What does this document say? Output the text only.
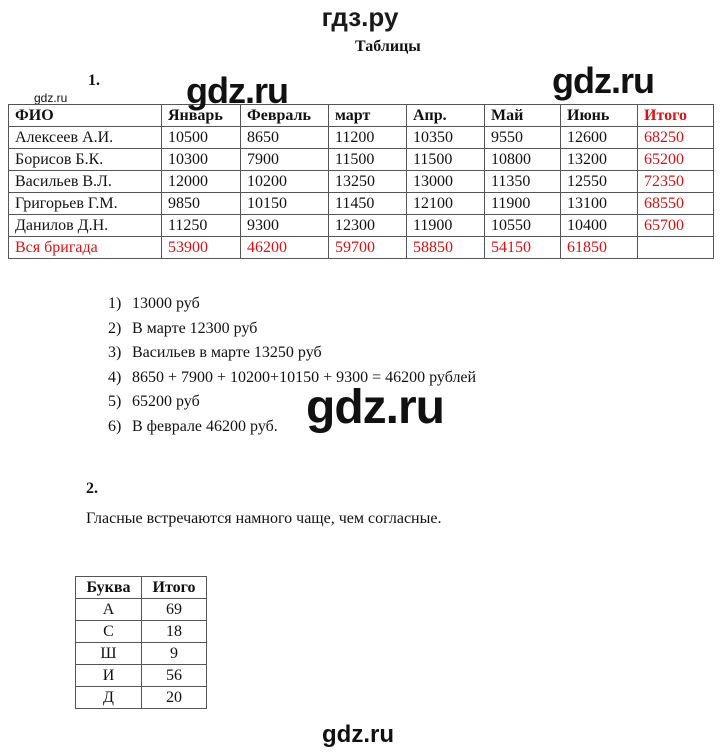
гдз.ру
Таблицы
1.
gdz.ru
ФИО	Январь	Февраль	март	Апр.	Май	Июнь	Итого
Алексеев А.И.	10500	8650	11200	10350	9550	12600	68250
Борисов Б.К.	10300	7900	11500	11500	10800	13200	65200
Васильев В.Л.	12000	10200	13250	13000	11350	12550	72350
Григорьев Г.М.	9850	10150	11450	12100	11900	13100	68550
Данилов Д.Н.	11250	9300	12300	11900	10550	10400	65700
Вся бригада	53900	46200	59700	58850	54150	61850	
gdz.ru	gdz.ru
1) 13000 руб
2) В марте 12300 руб
3) Васильев в марте 13250 руб
4) 8650 + 7900 + 10200+10150 + 9300 = 46200 рублей
5) 65200 руб
6) В феврале 46200 руб. gdz.ru
2.
Гласные встречаются намного чаще, чем согласные.
Буква	Итого
А	69
С	18
Ш	9
И	56
Д	20
gdz.ru
